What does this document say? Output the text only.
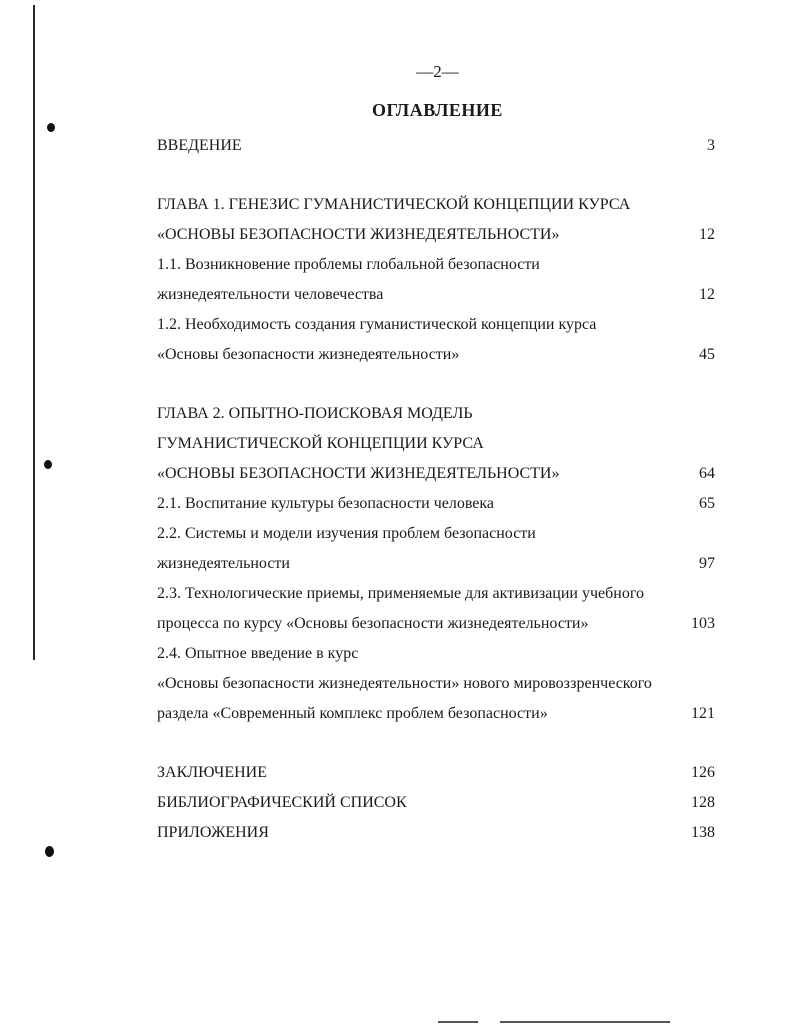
—2—
ОГЛАВЛЕНИЕ
ВВЕДЕНИЕ	3
ГЛАВА 1. ГЕНЕЗИС ГУМАНИСТИЧЕСКОЙ КОНЦЕПЦИИ КУРСА
«ОСНОВЫ БЕЗОПАСНОСТИ ЖИЗНЕДЕЯТЕЛЬНОСТИ»	12
1.1. Возникновение проблемы глобальной безопасности
жизнедеятельности человечества	12
1.2. Необходимость создания гуманистической концепции курса
«Основы безопасности жизнедеятельности»	45
ГЛАВА 2. ОПЫТНО-ПОИСКОВАЯ МОДЕЛЬ
ГУМАНИСТИЧЕСКОЙ КОНЦЕПЦИИ КУРСА
«ОСНОВЫ БЕЗОПАСНОСТИ ЖИЗНЕДЕЯТЕЛЬНОСТИ»	64
2.1. Воспитание культуры безопасности человека	65
2.2. Системы и модели изучения проблем безопасности
жизнедеятельности	97
2.3. Технологические приемы, применяемые для активизации учебного
процесса по курсу «Основы безопасности жизнедеятельности»	103
2.4. Опытное введение в курс
«Основы безопасности жизнедеятельности» нового мировоззренческого
раздела «Современный комплекс проблем безопасности»	121
ЗАКЛЮЧЕНИЕ	126
БИБЛИОГРАФИЧЕСКИЙ СПИСОК	128
ПРИЛОЖЕНИЯ	138
